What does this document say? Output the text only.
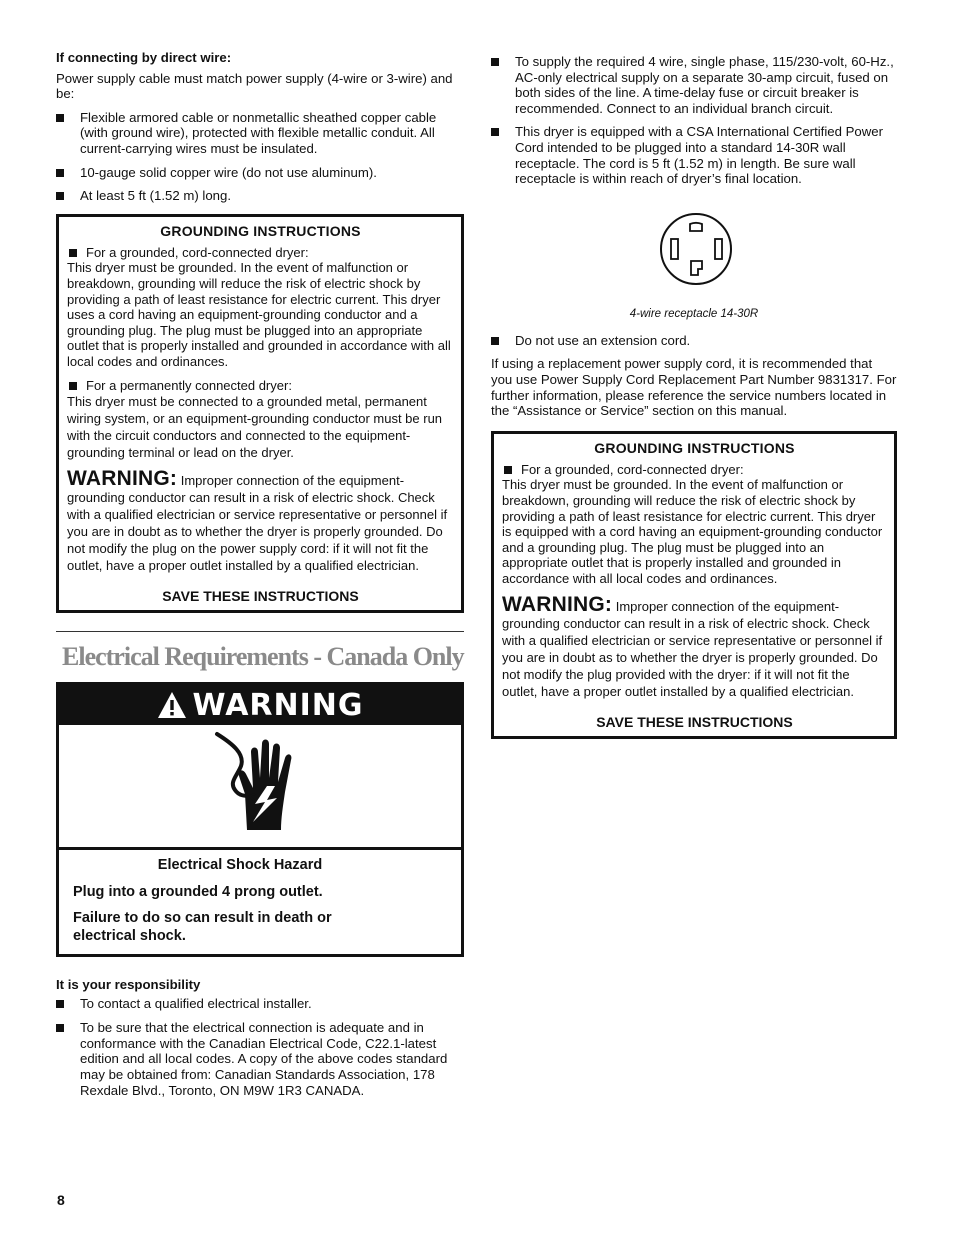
If connecting by direct wire:

Power supply cable must match power supply (4-wire or 3-wire) and be:

Flexible armored cable or nonmetallic sheathed copper cable (with ground wire), protected with flexible metallic conduit. All current-carrying wires must be insulated.
10-gauge solid copper wire (do not use aluminum).
At least 5 ft (1.52 m) long.
GROUNDING INSTRUCTIONS
For a grounded, cord-connected dryer:

This dryer must be grounded. In the event of malfunction or breakdown, grounding will reduce the risk of electric shock by providing a path of least resistance for electric current. This dryer uses a cord having an equipment-grounding conductor and a grounding plug. The plug must be plugged into an appropriate outlet that is properly installed and grounded in accordance with all local codes and ordinances.

For a permanently connected dryer:

This dryer must be connected to a grounded metal, permanent wiring system, or an equipment-grounding conductor must be run with the circuit conductors and connected to the equipment-grounding terminal or lead on the dryer.

WARNING: Improper connection of the equipment-grounding conductor can result in a risk of electric shock. Check with a qualified electrician or service representative or personnel if you are in doubt as to whether the dryer is properly grounded. Do not modify the plug on the power supply cord: if it will not fit the outlet, have a proper outlet installed by a qualified electrician.

SAVE THESE INSTRUCTIONS
Electrical Requirements - Canada Only
WARNING
Electrical Shock Hazard
Plug into a grounded 4 prong outlet.
Failure to do so can result in death or electrical shock.

It is your responsibility

To contact a qualified electrical installer.
To be sure that the electrical connection is adequate and in conformance with the Canadian Electrical Code, C22.1-latest edition and all local codes. A copy of the above codes standard may be obtained from: Canadian Standards Association, 178 Rexdale Blvd., Toronto, ON M9W 1R3 CANADA.
To supply the required 4 wire, single phase, 115/230-volt, 60-Hz., AC-only electrical supply on a separate 30-amp circuit, fused on both sides of the line. A time-delay fuse or circuit breaker is recommended. Connect to an individual branch circuit.
This dryer is equipped with a CSA International Certified Power Cord intended to be plugged into a standard 14-30R wall receptacle. The cord is 5 ft (1.52 m) in length. Be sure wall receptacle is within reach of dryer’s final location.
4-wire receptacle 14-30R
Do not use an extension cord.

If using a replacement power supply cord, it is recommended that you use Power Supply Cord Replacement Part Number 9831317. For further information, please reference the service numbers located in the “Assistance or Service” section on this manual.

GROUNDING INSTRUCTIONS
For a grounded, cord-connected dryer:

This dryer must be grounded. In the event of malfunction or breakdown, grounding will reduce the risk of electric shock by providing a path of least resistance for electric current. This dryer is equipped with a cord having an equipment-grounding conductor and a grounding plug. The plug must be plugged into an appropriate outlet that is properly installed and grounded in accordance with all local codes and ordinances.

WARNING: Improper connection of the equipment-grounding conductor can result in a risk of electric shock. Check with a qualified electrician or service representative or personnel if you are in doubt as to whether the dryer is properly grounded. Do not modify the plug provided with the dryer: if it will not fit the outlet, have a proper outlet installed by a qualified electrician.

SAVE THESE INSTRUCTIONS
8
